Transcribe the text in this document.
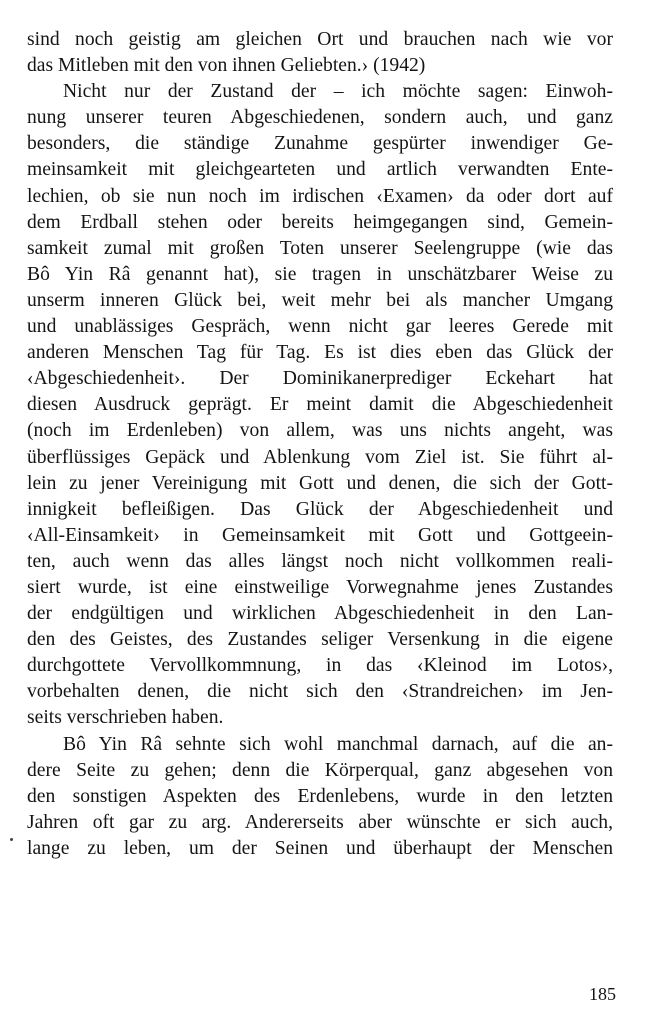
sind noch geistig am gleichen Ort und brauchen nach wie vor
das Mitleben mit den von ihnen Geliebten.› (1942)
Nicht nur der Zustand der – ich möchte sagen: Einwoh-
nung unserer teuren Abgeschiedenen, sondern auch, und ganz
besonders, die ständige Zunahme gespürter inwendiger Ge-
meinsamkeit mit gleichgearteten und artlich verwandten Ente-
lechien, ob sie nun noch im irdischen ‹Examen› da oder dort auf
dem Erdball stehen oder bereits heimgegangen sind, Gemein-
samkeit zumal mit großen Toten unserer Seelengruppe (wie das
Bô Yin Râ genannt hat), sie tragen in unschätzbarer Weise zu
unserm inneren Glück bei, weit mehr bei als mancher Umgang
und unablässiges Gespräch, wenn nicht gar leeres Gerede mit
anderen Menschen Tag für Tag. Es ist dies eben das Glück der
‹Abgeschiedenheit›. Der Dominikanerprediger Eckehart hat
diesen Ausdruck geprägt. Er meint damit die Abgeschiedenheit
(noch im Erdenleben) von allem, was uns nichts angeht, was
überflüssiges Gepäck und Ablenkung vom Ziel ist. Sie führt al-
lein zu jener Vereinigung mit Gott und denen, die sich der Gott-
innigkeit befleißigen. Das Glück der Abgeschiedenheit und
‹All-Einsamkeit› in Gemeinsamkeit mit Gott und Gottgeein-
ten, auch wenn das alles längst noch nicht vollkommen reali-
siert wurde, ist eine einstweilige Vorwegnahme jenes Zustandes
der endgültigen und wirklichen Abgeschiedenheit in den Lan-
den des Geistes, des Zustandes seliger Versenkung in die eigene
durchgottete Vervollkommnung, in das ‹Kleinod im Lotos›,
vorbehalten denen, die nicht sich den ‹Strandreichen› im Jen-
seits verschrieben haben.
Bô Yin Râ sehnte sich wohl manchmal darnach, auf die an-
dere Seite zu gehen; denn die Körperqual, ganz abgesehen von
den sonstigen Aspekten des Erdenlebens, wurde in den letzten
Jahren oft gar zu arg. Andererseits aber wünschte er sich auch,
lange zu leben, um der Seinen und überhaupt der Menschen
185
